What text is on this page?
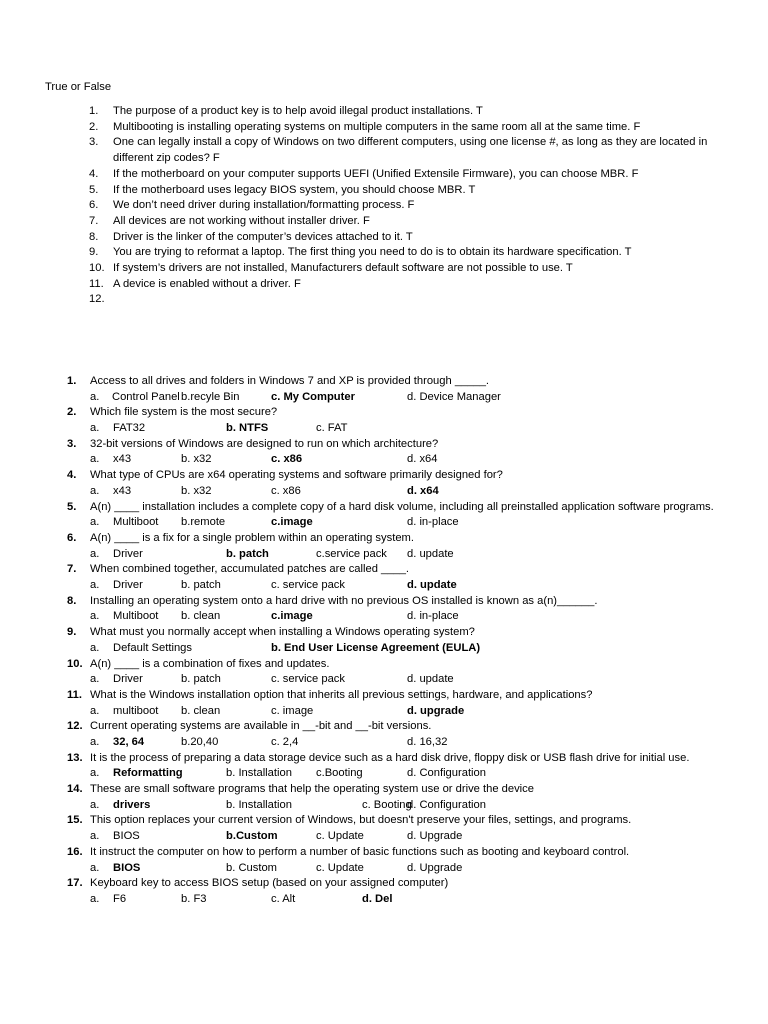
True or False
1.	The purpose of a product key is to help avoid illegal product installations. T
2.	Multibooting is installing operating systems on multiple computers in the same room all at the same time. F
3.	One can legally install a copy of Windows on two different computers, using one license #, as long as they are located in different zip codes? F
4.	If the motherboard on your computer supports UEFI (Unified Extensile Firmware), you can choose MBR. F
5.	If the motherboard uses legacy BIOS system, you should choose MBR. T
6.	We don’t need driver during installation/formatting process. F
7.	All devices are not working without installer driver. F
8.	Driver is the linker of the computer’s devices attached to it. T
9.	You are trying to reformat a laptop. The first thing you need to do is to obtain its hardware specification. T
10. If system’s drivers are not installed, Manufacturers default software are not possible to use. T
11. A device is enabled without a driver. F
12.
1.	Access to all drives and folders in Windows 7 and XP is provided through _____.
a. Control Panel b.recyle Bin	c. My Computer	d. Device Manager
2.	Which file system is the most secure?
a. FAT32	b. NTFS	c. FAT
3.	32-bit versions of Windows are designed to run on which architecture?
a. x43	b. x32	c. x86	d. x64
4.	What type of CPUs are x64 operating systems and software primarily designed for?
a. x43	b. x32	c. x86	d. x64
5.	A(n) ____ installation includes a complete copy of a hard disk volume, including all preinstalled application software programs.
a. Multiboot b.remote	c.image	d. in-place
6.	A(n) ____ is a fix for a single problem within an operating system.
a. Driver	b. patch	c.service pack d. update
7.	When combined together, accumulated patches are called ____.
a. Driver	b. patch	c. service pack	d. update
8.	Installing an operating system onto a hard drive with no previous OS installed is known as a(n)______.
a. Multiboot b. clean	c.image	d. in-place
9.	What must you normally accept when installing a Windows operating system?
a. Default Settings	b. End User License Agreement (EULA)
10. A(n) ____ is a combination of fixes and updates.
a. Driver	b. patch	c. service pack	d. update
11. What is the Windows installation option that inherits all previous settings, hardware, and applications?
a. multiboot b. clean	c. image	d. upgrade
12. Current operating systems are available in __-bit and __-bit versions.
a. 32, 64	b.20,40	c. 2,4	d. 16,32
13. It is the process of preparing a data storage device such as a hard disk drive, floppy disk or USB flash drive for initial use.
a. Reformatting	b. Installation c.Booting	d. Configuration
14. These are small software programs that help the operating system use or drive the device
a. drivers	b. Installation	c. Booting
d. Configuration
15. This option replaces your current version of Windows, but doesn't preserve your files, settings, and programs.
a. BIOS	b.Custom	c. Update	d. Upgrade
16. It instruct the computer on how to perform a number of basic functions such as booting and keyboard control.
a. BIOS	b. Custom	c. Update	d. Upgrade
17. Keyboard key to access BIOS setup (based on your assigned computer)
a. F6	b. F3	c. Alt	d. Del
